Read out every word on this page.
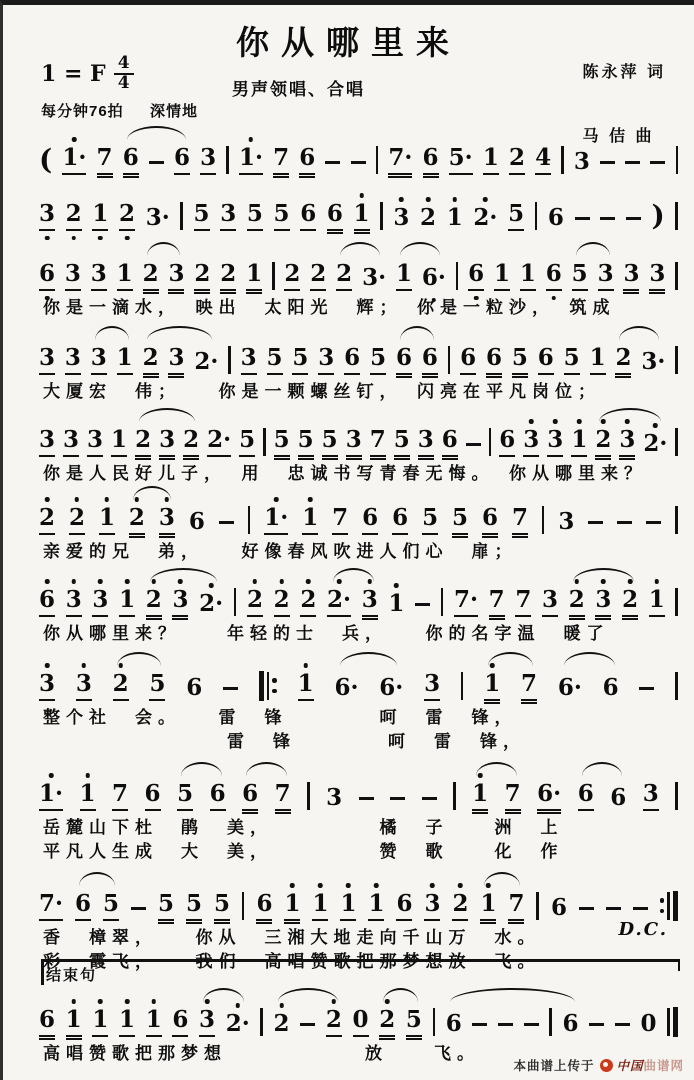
你从哪里来
男声领唱、合唱
1 = F $\frac{4}{4}$
每分钟76拍 　 深情地
陈永萍 词

马 佶 曲

( 1· 7 6 6 3 1· 7 6	7· 6 5· 1 2 4 3
3 2 1 2 3· 5 3 5 5 6 6 1 3 2 1 2· 5 6	)
6 3 3 1 2 3 2 2 1 2 2 2 3· 1 6· 6 1 1 6 5 3 3 3
你是一滴水，　映出　太阳光　辉；　你是一粒沙，　筑成
3 3 3 1 2 3 2· 3 5 5 3 6 5 6 6 6 6 5 6 5 1 2 3·
大厦宏　伟；　　你是一颗螺丝钉，　闪亮在平凡岗位；
3 3 3 1 2 3 2 2· 5 5 5 5 3 7 5 3 6 6 3 3 1 2 3 2·
你是人民好儿子，　用　忠诚书写青春无悔。　你从哪里来？
2 2 1 2 3 6	1· 1 7 6 6 5 5 6 7 3
亲爱的兄　弟，　　好像春风吹进人们心　扉；
6 3 3 1 2 3 2· 2 2 2 2· 3 1 7· 7 7 3 2 3 2 1
你从哪里来？　　年轻的士　兵，　　你的名字温　暖了
3 3 2 5 6	1 6· 6· 3 1 7 6· 6
整个社　会。　　雷　锋　　　　呵　雷　锋，
　　　　　　　　雷　锋　　　　呵　雷　锋，
1· 1 7 6 5 6 6 7 3	1 7 6· 6 6 3
岳麓山下杜　鹃　美，　　　　　橘　子　　洲　上
平凡人生成　大　美，　　　　　赞　歌　　化　作
7· 6 5 5 5 5 6 1 1 1 1 6 3 2 1 7 6
香　樟翠，　　你从　三湘大地走向千山万　水。
彩　霞飞，　　我们　高唱赞歌把那梦想放　飞。
D.C.
6 1 1 1 1 6 3 2· 2 2 0 2 5 6	6	0
高唱赞歌把那梦想　　　　　　放　　飞。
结束句
本曲谱上传于 中国 曲谱网
